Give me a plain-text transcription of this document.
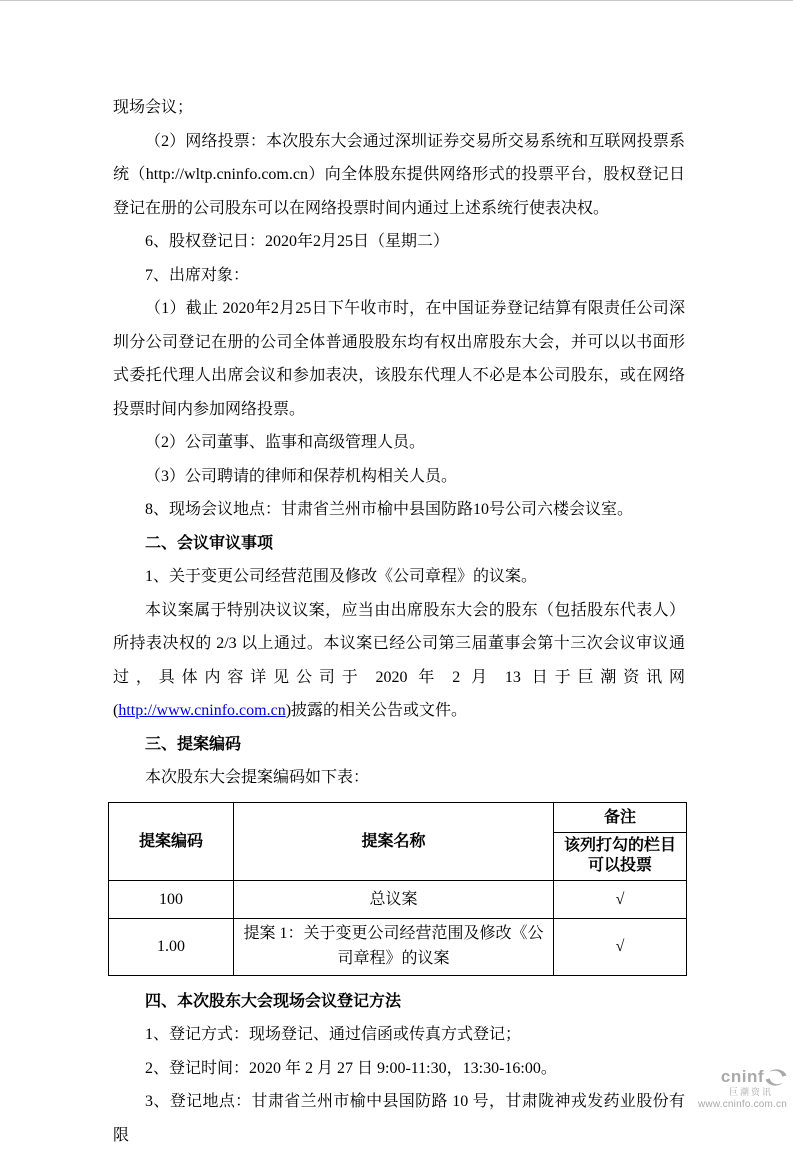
现场会议；

（2）网络投票：本次股东大会通过深圳证券交易所交易系统和互联网投票系统（http://wltp.cninfo.com.cn）向全体股东提供网络形式的投票平台，股权登记日登记在册的公司股东可以在网络投票时间内通过上述系统行使表决权。

6、股权登记日：2020年2月25日（星期二）

7、出席对象：

（1）截止 2020年2月25日下午收市时，在中国证券登记结算有限责任公司深圳分公司登记在册的公司全体普通股股东均有权出席股东大会，并可以以书面形式委托代理人出席会议和参加表决，该股东代理人不必是本公司股东，或在网络投票时间内参加网络投票。

（2）公司董事、监事和高级管理人员。

（3）公司聘请的律师和保荐机构相关人员。

8、现场会议地点：甘肃省兰州市榆中县国防路10号公司六楼会议室。

二、会议审议事项

1、关于变更公司经营范围及修改《公司章程》的议案。

本议案属于特别决议议案，应当由出席股东大会的股东（包括股东代表人）所持表决权的 2/3 以上通过。本议案已经公司第三届董事会第十三次会议审议通过，具体内容详见公司于 2020 年 2 月 13 日于巨潮资讯网(http://www.cninfo.com.cn)披露的相关公告或文件。

三、提案编码

本次股东大会提案编码如下表：

提案编码	提案名称	备注
		该列打勾的栏目可以投票
100	总议案	√
1.00	提案 1：关于变更公司经营范围及修改《公司章程》的议案	√

四、本次股东大会现场会议登记方法

1、登记方式：现场登记、通过信函或传真方式登记；

2、登记时间：2020 年 2 月 27 日 9:00-11:30，13:30-16:00。

3、登记地点：甘肃省兰州市榆中县国防路 10 号，甘肃陇神戎发药业股份有限

cninf
巨潮资讯
www.cninfo.com.cn
